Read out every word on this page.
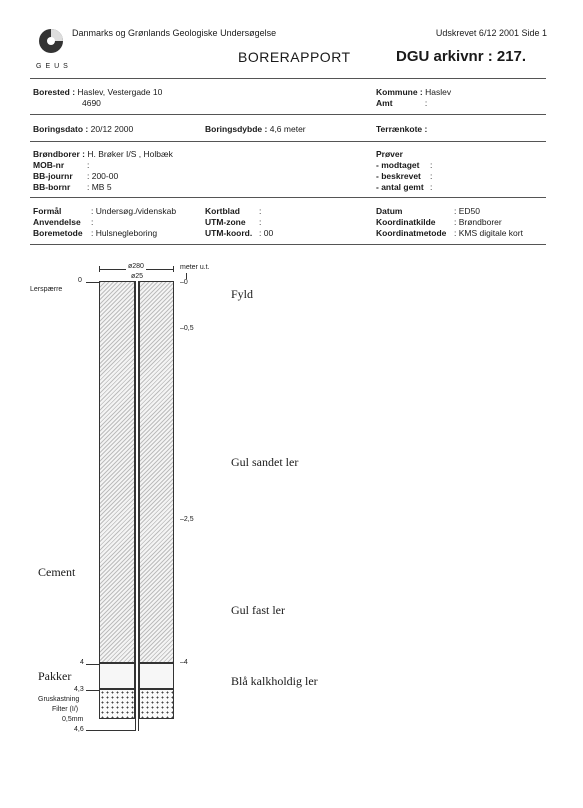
GEUS
Danmarks og Grønlands Geologiske Undersøgelse	Udskrevet 6/12 2001 Side 1
BORERAPPORT	DGU arkivnr : 217.
Borested : Haslev, Vestergade 10
4690
Kommune : Haslev
Amt	:
Boringsdato : 20/12 2000	Boringsdybde : 4,6 meter	Terrænkote :
Brøndborer : H. Brøker I/S , Holbæk
MOB-nr	:
BB-journr : 200-00
BB-bornr : MB 5
Prøver
- modtaget :
- beskrevet :
- antal gemt :
Formål	: Undersøg./videnskab
Anvendelse :
Boremetode : Hulsnegleboring
Kortblad :
UTM-zone :
UTM-koord. : 00
Datum	: ED50
Koordinatkilde : Brøndborer
Koordinatmetode : KMS digitale kort
ø280
ø25
meter u.t.
–0
–0,5
–2,5
–4
0
Lerspærre
4
4,3
Gruskastning
Filter (I/)
0,5mm
4,6
Cement
Pakker
Fyld
Gul sandet ler
Gul fast ler
Blå kalkholdig ler
